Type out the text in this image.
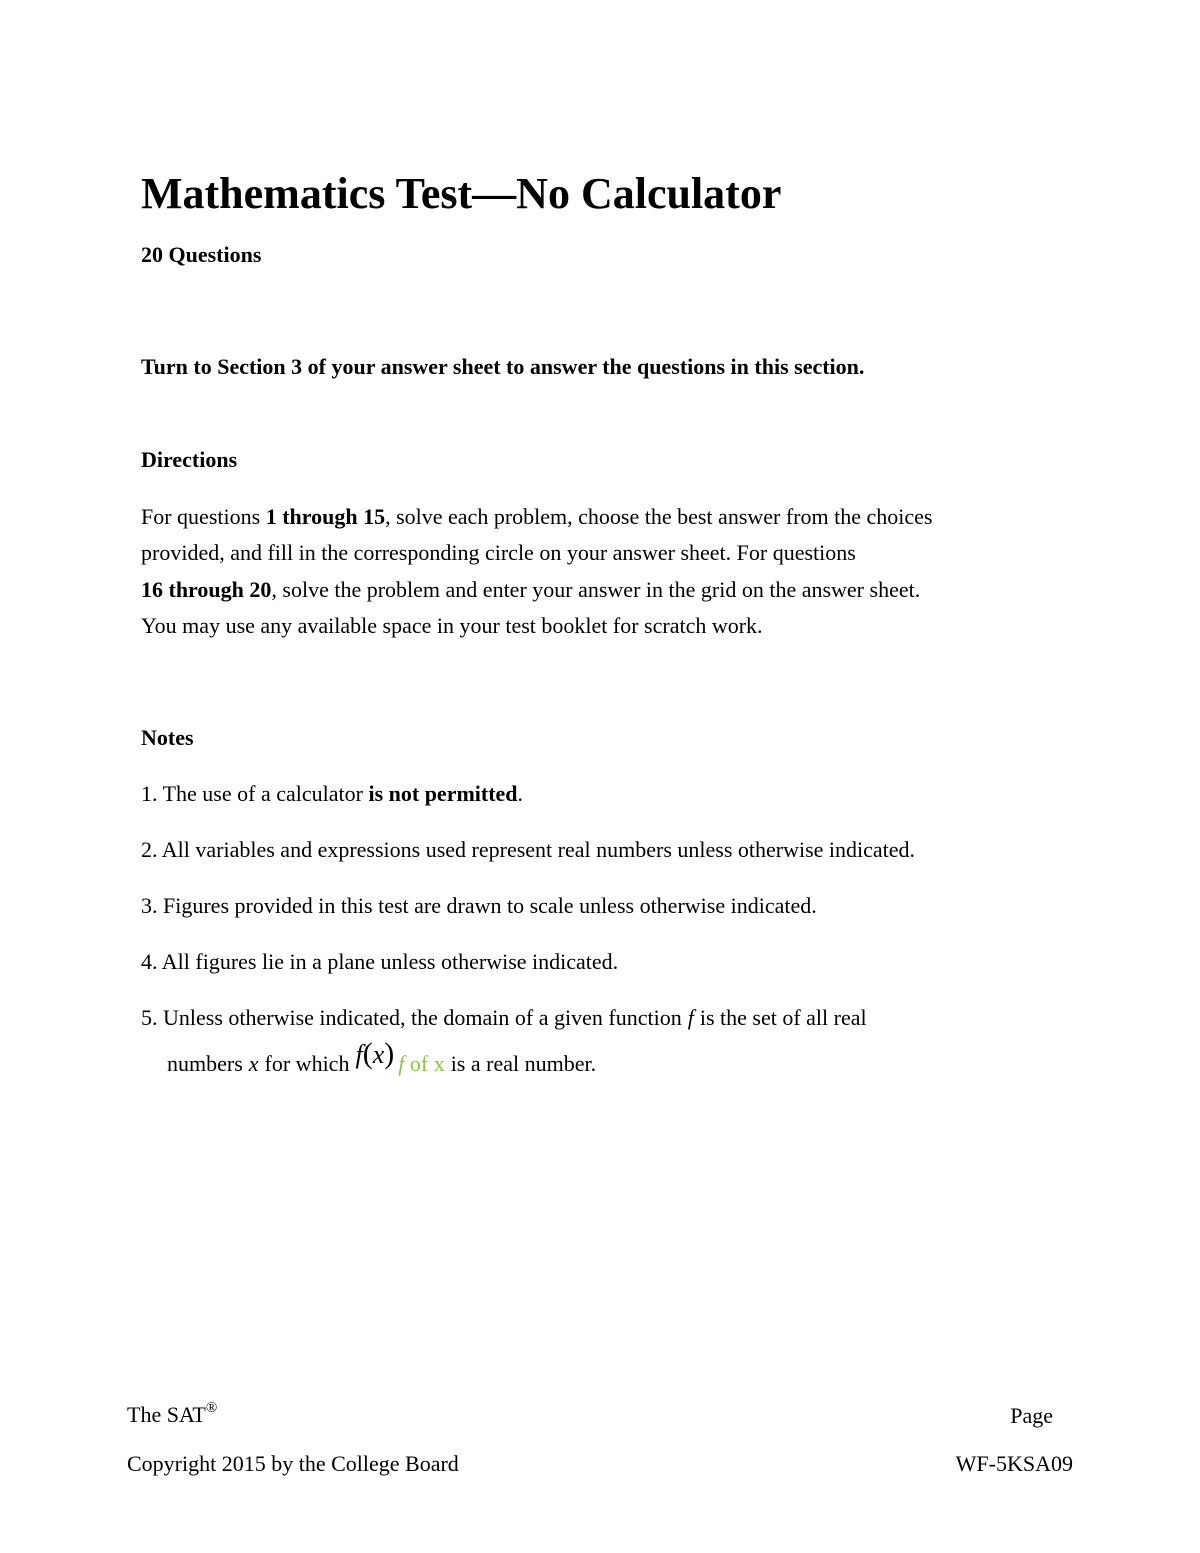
Mathematics Test—No Calculator

20 Questions

Turn to Section 3 of your answer sheet to answer the questions in this section.

Directions

For questions 1 through 15, solve each problem, choose the best answer from the choices
provided, and fill in the corresponding circle on your answer sheet. For questions
16 through 20, solve the problem and enter your answer in the grid on the answer sheet.
You may use any available space in your test booklet for scratch work.

Notes

1. The use of a calculator is not permitted.
2. All variables and expressions used represent real numbers unless otherwise indicated.
3. Figures provided in this test are drawn to scale unless otherwise indicated.
4. All figures lie in a plane unless otherwise indicated.
5. Unless otherwise indicated, the domain of a given function f is the set of all real
numbers x for which f(x) f of x is a real number.
The SAT®
Copyright 2015 by the College Board
Page
WF-5KSA09
